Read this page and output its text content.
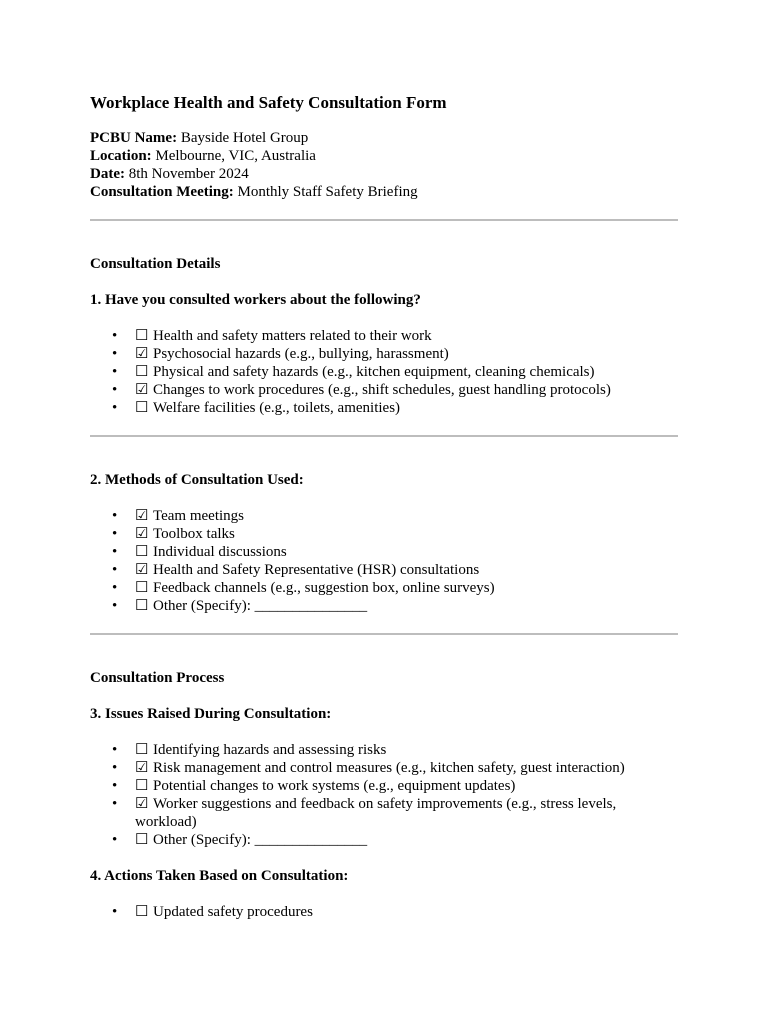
Workplace Health and Safety Consultation Form
PCBU Name: Bayside Hotel Group
Location: Melbourne, VIC, Australia
Date: 8th November 2024
Consultation Meeting: Monthly Staff Safety Briefing
Consultation Details
1. Have you consulted workers about the following?
• ☐ Health and safety matters related to their work
• ☑ Psychosocial hazards (e.g., bullying, harassment)
• ☐ Physical and safety hazards (e.g., kitchen equipment, cleaning chemicals)
• ☑ Changes to work procedures (e.g., shift schedules, guest handling protocols)
• ☐ Welfare facilities (e.g., toilets, amenities)
2. Methods of Consultation Used:
• ☑ Team meetings
• ☑ Toolbox talks
• ☐ Individual discussions
• ☑ Health and Safety Representative (HSR) consultations
• ☐ Feedback channels (e.g., suggestion box, online surveys)
• ☐ Other (Specify): _______________
Consultation Process
3. Issues Raised During Consultation:
• ☐ Identifying hazards and assessing risks
• ☑ Risk management and control measures (e.g., kitchen safety, guest interaction)
• ☐ Potential changes to work systems (e.g., equipment updates)
• ☑ Worker suggestions and feedback on safety improvements (e.g., stress levels, workload)
• ☐ Other (Specify): _______________
4. Actions Taken Based on Consultation:
• ☐ Updated safety procedures
